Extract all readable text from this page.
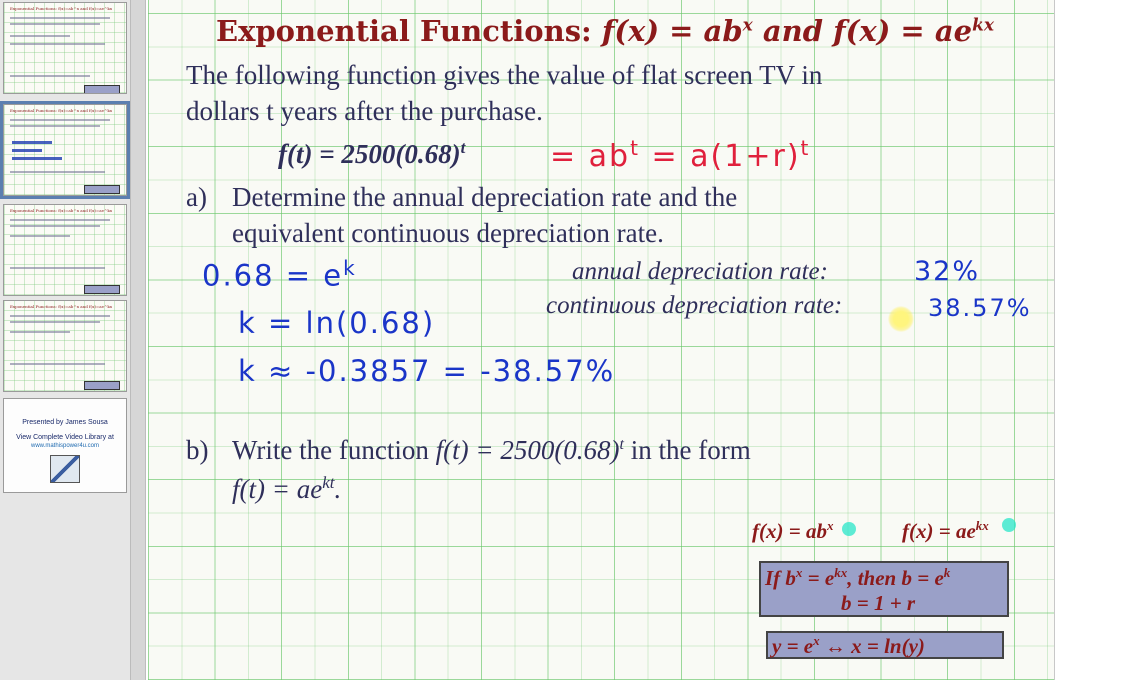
Exponential Functions: f(x)=ab^x and f(x)=ae^kx
Exponential Functions: f(x)=ab^x and f(x)=ae^kx
Exponential Functions: f(x)=ab^x and f(x)=ae^kx
Exponential Functions: f(x)=ab^x and f(x)=ae^kx
Presented by James Sousa
View Complete Video Library at
www.mathispower4u.com
Exponential Functions: $f(x) = ab^x$ and $f(x) = ae^{kx}$
The following function gives the value of flat screen TV in
dollars t years after the purchase.
$f(t) = 2500(0.68)^t$	= $ab^t = a(1+r)^t$
a) Determine the annual depreciation rate and the
equivalent continuous depreciation rate.
$0.68 = e^k$
k = ln(0.68)
k ≈ -0.3857 = -38.57%
annual depreciation rate:	32%
continuous depreciation rate:	38.57%
b) Write the function $f(t) = 2500(0.68)^t$ in the form
$f(t) = ae^{kt}$.
$f(x) = ab^x$	$f(x) = ae^{kx}$
If $b^x = e^{kx}$, then $b = e^k$
b = 1 + r
$y = e^x$ ↔ x = ln(y)
